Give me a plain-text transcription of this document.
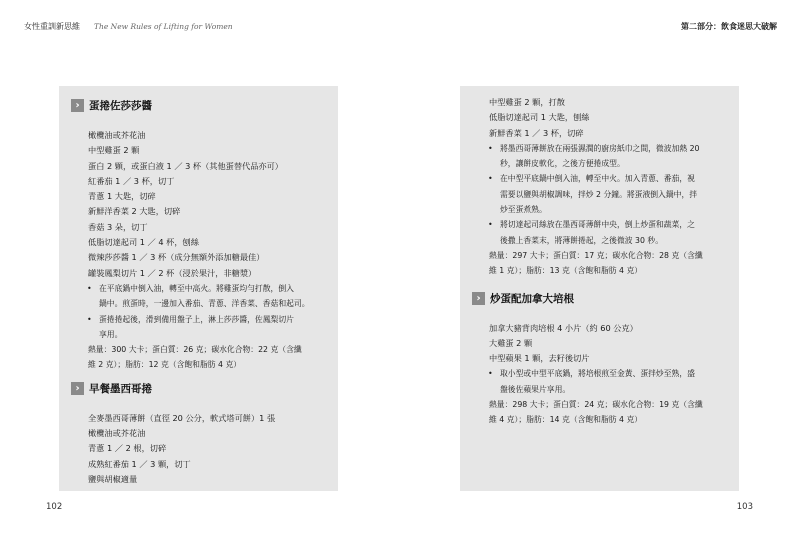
女性重訓新思維 The New Rules of Lifting for Women	第二部分：飲食迷思大破解
› 蛋捲佐莎莎醬
橄欖油或芥花油
中型雞蛋 2 顆
蛋白 2 顆，或蛋白液 1 ／ 3 杯（其他蛋替代品亦可）
紅番茄 1 ／ 3 杯，切丁
青蔥 1 大匙，切碎
新鮮洋香菜 2 大匙，切碎
香菇 3 朵，切丁
低脂切達起司 1 ／ 4 杯，刨絲
微辣莎莎醬 1 ／ 3 杯（成分無額外添加糖最佳）
罐裝鳳梨切片 1 ／ 2 杯（浸於果汁，非糖漿）
• 在平底鍋中倒入油，轉至中高火。將雞蛋均勻打散，倒入
鍋中。煎蛋時，一邊加入番茄、青蔥、洋香菜、香菇和起司。
• 蛋捲捲起後，滑到備用盤子上，淋上莎莎醬，佐鳳梨切片
享用。
熱量：300 大卡；蛋白質：26 克；碳水化合物：22 克（含纖
維 2 克）；脂肪：12 克（含飽和脂肪 4 克）
› 早餐墨西哥捲
全麥墨西哥薄餅（直徑 20 公分，軟式塔可餅）1 張
橄欖油或芥花油
青蔥 1 ／ 2 根，切碎
成熟紅番茄 1 ／ 3 顆，切丁
鹽與胡椒適量
中型雞蛋 2 顆，打散
低脂切達起司 1 大匙，刨絲
新鮮香菜 1 ／ 3 杯，切碎
• 將墨西哥薄餅放在兩張濕潤的廚房紙巾之間，微波加熱 20
秒，讓餅皮軟化，之後方便捲成型。
• 在中型平底鍋中倒入油，轉至中火。加入青蔥、番茄，視
需要以鹽與胡椒調味，拌炒 2 分鐘。將蛋液倒入鍋中，拌
炒至蛋煮熟。
• 將切達起司絲放在墨西哥薄餅中央，倒上炒蛋和蔬菜，之
後撒上香菜末，將薄餅捲起，之後微波 30 秒。
熱量：297 大卡；蛋白質：17 克；碳水化合物：28 克（含纖
維 1 克）；脂肪：13 克（含飽和脂肪 4 克）
› 炒蛋配加拿大培根
加拿大豬背肉培根 4 小片（約 60 公克）
大雞蛋 2 顆
中型蘋果 1 顆，去籽後切片
• 取小型或中型平底鍋，將培根煎至金黃、蛋拌炒至熟，盛
盤後佐蘋果片享用。
熱量：298 大卡；蛋白質：24 克；碳水化合物：19 克（含纖
維 4 克）；脂肪：14 克（含飽和脂肪 4 克）
102	103
